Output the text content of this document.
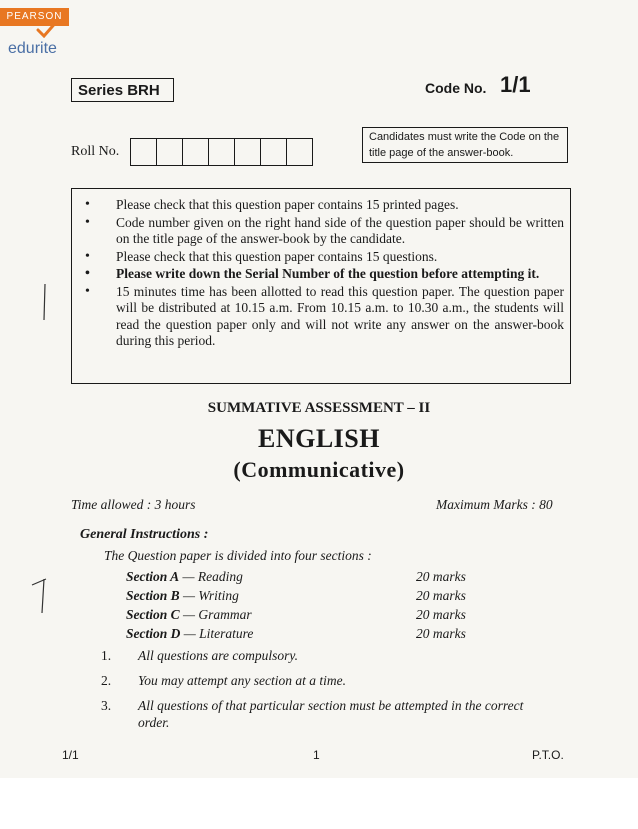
PEARSON
edurite
Series BRH	Code No. 1/1
Candidates must write the Code on the title page of the answer-book.
Roll No.
• Please check that this question paper contains 15 printed pages.
• Code number given on the right hand side of the question paper should be written on the title page of the answer-book by the candidate.
• Please check that this question paper contains 15 questions.
• Please write down the Serial Number of the question before attempting it.
• 15 minutes time has been allotted to read this question paper. The question paper will be distributed at 10.15 a.m. From 10.15 a.m. to 10.30 a.m., the students will read the question paper only and will not write any answer on the answer-book during this period.
SUMMATIVE ASSESSMENT – II
ENGLISH
(Communicative)
Time allowed : 3 hours	Maximum Marks : 80
General Instructions :
The Question paper is divided into four sections :
Section A — Reading	20 marks
Section B — Writing	20 marks
Section C — Grammar	20 marks
Section D — Literature	20 marks
1. All questions are compulsory.
2. You may attempt any section at a time.
3. All questions of that particular section must be attempted in the correct order.
1/1	1	P.T.O.
